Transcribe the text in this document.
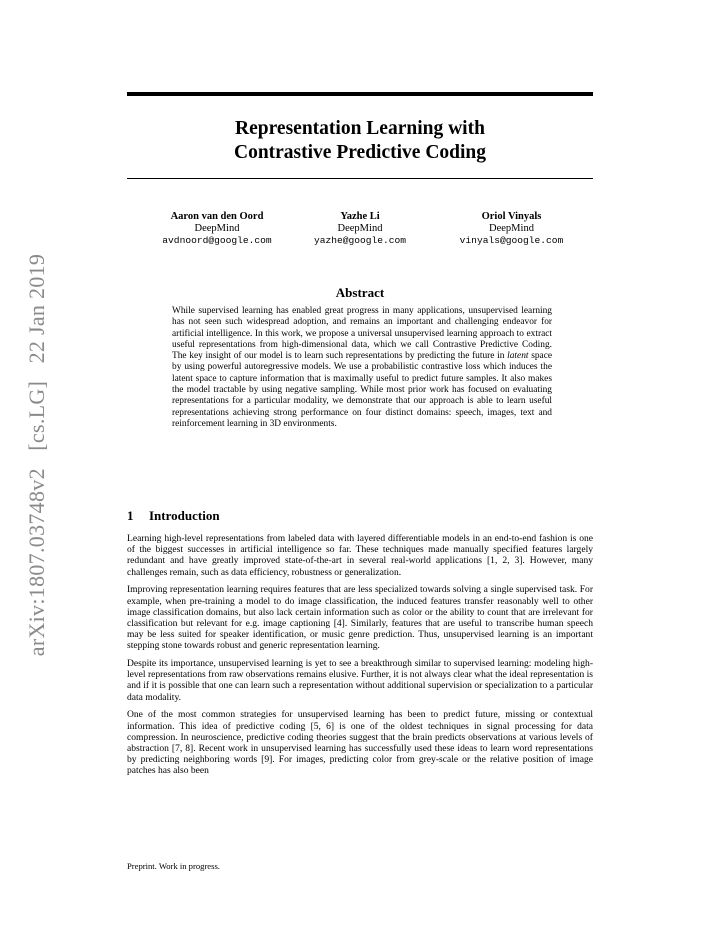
arXiv:1807.03748v2   [cs.LG]   22 Jan 2019
Representation Learning with
Contrastive Predictive Coding
Aaron van den Oord
DeepMind
avdnoord@google.com
Yazhe Li
DeepMind
yazhe@google.com
Oriol Vinyals
DeepMind
vinyals@google.com
Abstract
While supervised learning has enabled great progress in many applications, unsupervised learning has not seen such widespread adoption, and remains an important and challenging endeavor for artificial intelligence. In this work, we propose a universal unsupervised learning approach to extract useful representations from high-dimensional data, which we call Contrastive Predictive Coding. The key insight of our model is to learn such representations by predicting the future in latent space by using powerful autoregressive models. We use a probabilistic contrastive loss which induces the latent space to capture information that is maximally useful to predict future samples. It also makes the model tractable by using negative sampling. While most prior work has focused on evaluating representations for a particular modality, we demonstrate that our approach is able to learn useful representations achieving strong performance on four distinct domains: speech, images, text and reinforcement learning in 3D environments.
1 Introduction

Learning high-level representations from labeled data with layered differentiable models in an end-to-end fashion is one of the biggest successes in artificial intelligence so far. These techniques made manually specified features largely redundant and have greatly improved state-of-the-art in several real-world applications [1, 2, 3]. However, many challenges remain, such as data efficiency, robustness or generalization.

Improving representation learning requires features that are less specialized towards solving a single supervised task. For example, when pre-training a model to do image classification, the induced features transfer reasonably well to other image classification domains, but also lack certain information such as color or the ability to count that are irrelevant for classification but relevant for e.g. image captioning [4]. Similarly, features that are useful to transcribe human speech may be less suited for speaker identification, or music genre prediction. Thus, unsupervised learning is an important stepping stone towards robust and generic representation learning.

Despite its importance, unsupervised learning is yet to see a breakthrough similar to supervised learning: modeling high-level representations from raw observations remains elusive. Further, it is not always clear what the ideal representation is and if it is possible that one can learn such a representation without additional supervision or specialization to a particular data modality.

One of the most common strategies for unsupervised learning has been to predict future, missing or contextual information. This idea of predictive coding [5, 6] is one of the oldest techniques in signal processing for data compression. In neuroscience, predictive coding theories suggest that the brain predicts observations at various levels of abstraction [7, 8]. Recent work in unsupervised learning has successfully used these ideas to learn word representations by predicting neighboring words [9]. For images, predicting color from grey-scale or the relative position of image patches has also been

Preprint. Work in progress.
